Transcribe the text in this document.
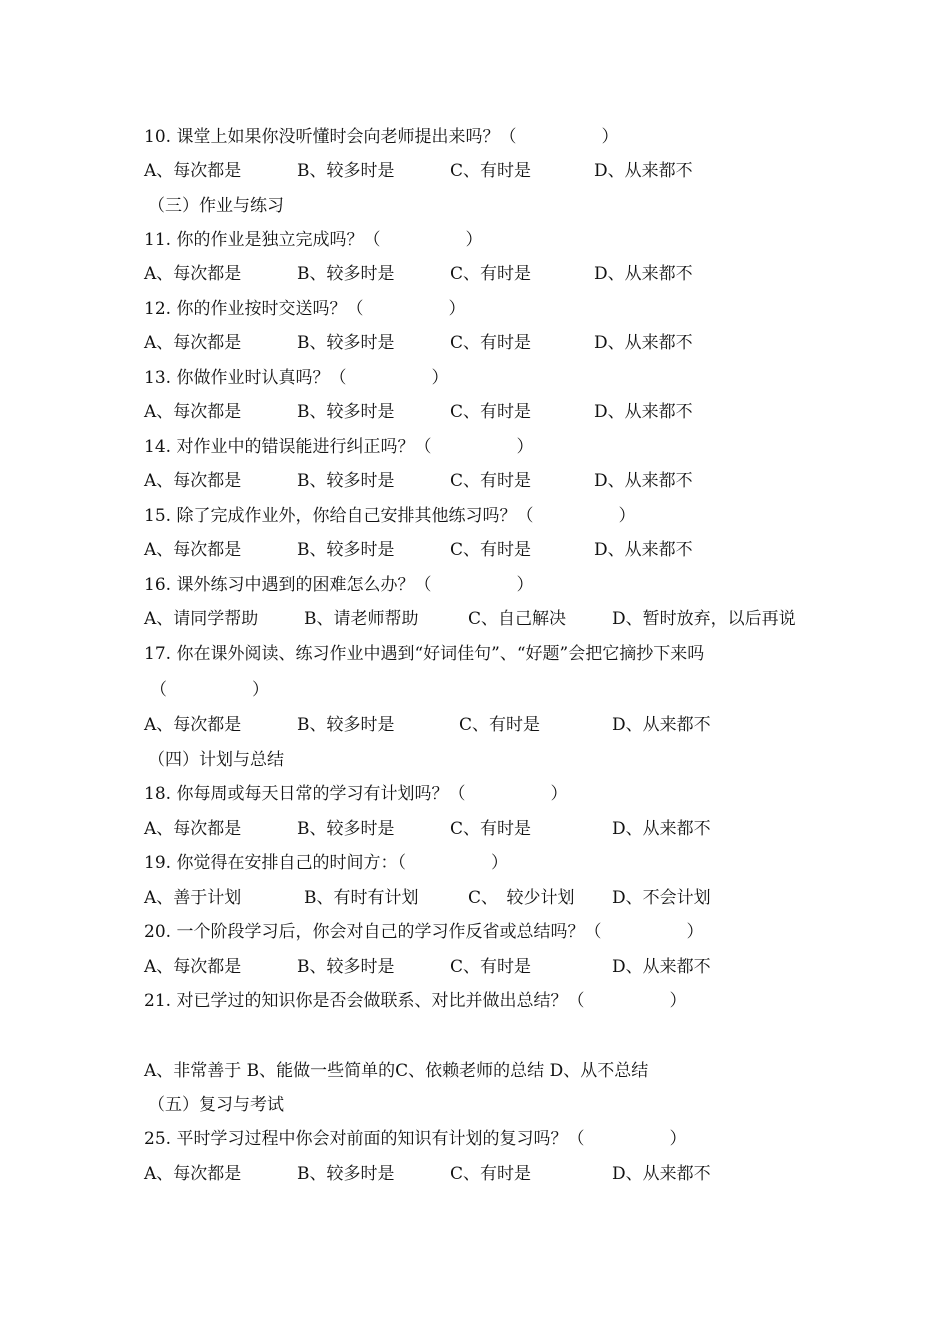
10. 课堂上如果你没听懂时会向老师提出来吗？（　　　　　）
A、每次都是	B、较多时是	C、有时是	D、从来都不
（三）作业与练习
11. 你的作业是独立完成吗？（　　　　　）
A、每次都是	B、较多时是	C、有时是	D、从来都不
12. 你的作业按时交送吗？（　　　　　）
A、每次都是	B、较多时是	C、有时是	D、从来都不
13. 你做作业时认真吗？（　　　　　）
A、每次都是	B、较多时是	C、有时是	D、从来都不
14. 对作业中的错误能进行纠正吗？（　　　　　）
A、每次都是	B、较多时是	C、有时是	D、从来都不
15. 除了完成作业外，你给自己安排其他练习吗？（　　　　　）
A、每次都是	B、较多时是	C、有时是	D、从来都不
16. 课外练习中遇到的困难怎么办？（　　　　　）
A、请同学帮助	B、请老师帮助	C、自己解决	D、暂时放弃，以后再说
17. 你在课外阅读、练习作业中遇到“好词佳句”、“好题”会把它摘抄下来吗
（　　　　　）
A、每次都是	B、较多时是	C、有时是	D、从来都不
（四）计划与总结
18. 你每周或每天日常的学习有计划吗？（　　　　　）
A、每次都是	B、较多时是	C、有时是	D、从来都不
19. 你觉得在安排自己的时间方：（　　　　　）
A、善于计划	B、有时有计划	C、　较少计划 D、不会计划
20. 一个阶段学习后，你会对自己的学习作反省或总结吗？（　　　　　）
A、每次都是	B、较多时是	C、有时是	D、从来都不
21. 对已学过的知识你是否会做联系、对比并做出总结？（　　　　　）
A、非常善于 B、能做一些简单的C、依赖老师的总结 D、从不总结
（五）复习与考试
25. 平时学习过程中你会对前面的知识有计划的复习吗？（　　　　　）
A、每次都是	B、较多时是	C、有时是	D、从来都不
